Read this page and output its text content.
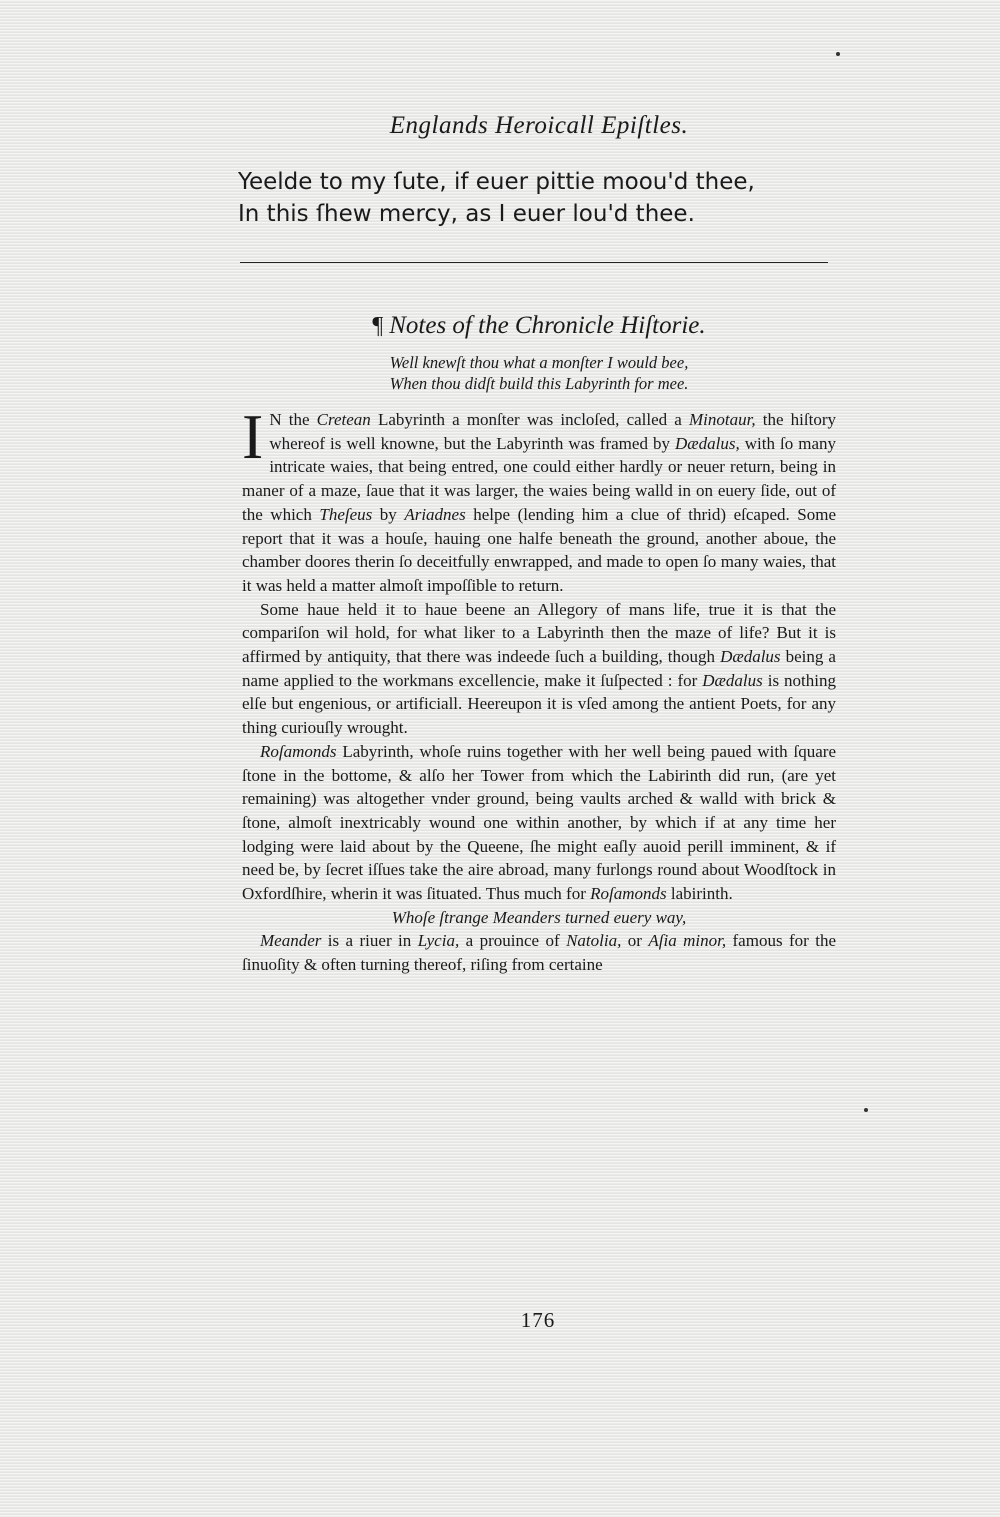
Englands Heroicall Epiſtles.
Yeelde to my ſute, if euer pittie moou'd thee,
In this ſhew mercy, as I euer lou'd thee.
¶ Notes of the Chronicle Hiſtorie.
Well knewſt thou what a monſter I would bee,
When thou didſt build this Labyrinth for mee.

I N the Cretean Labyrinth a monſter was incloſed, called a Minotaur, the hiſtory whereof is well knowne, but the Labyrinth was framed by Dædalus, with ſo many intricate waies, that being entred, one could either hardly or neuer return, being in maner of a maze, ſaue that it was larger, the waies being walld in on euery ſide, out of the which Theſeus by Ariadnes helpe (lending him a clue of thrid) eſcaped. Some report that it was a houſe, hauing one halfe beneath the ground, another aboue, the chamber doores therin ſo deceitfully enwrapped, and made to open ſo many waies, that it was held a matter almoſt impoſſible to return.

Some haue held it to haue beene an Allegory of mans life, true it is that the compariſon wil hold, for what liker to a Labyrinth then the maze of life? But it is affirmed by antiquity, that there was indeede ſuch a building, though Dædalus being a name applied to the workmans excellencie, make it ſuſpected : for Dædalus is nothing elſe but engenious, or artificiall. Heereupon it is vſed among the antient Poets, for any thing curiouſly wrought.

Roſamonds Labyrinth, whoſe ruins together with her well being paued with ſquare ſtone in the bottome, & alſo her Tower from which the Labirinth did run, (are yet remaining) was altogether vnder ground, being vaults arched & walld with brick & ſtone, almoſt inextricably wound one within another, by which if at any time her lodging were laid about by the Queene, ſhe might eaſly auoid perill imminent, & if need be, by ſecret iſſues take the aire abroad, many furlongs round about Woodſtock in Oxfordſhire, wherin it was ſituated. Thus much for Roſamonds labirinth.

Whoſe ſtrange Meanders turned euery way,

Meander is a riuer in Lycia, a prouince of Natolia, or Aſia minor, famous for the ſinuoſity & often turning thereof, riſing from certaine

176
